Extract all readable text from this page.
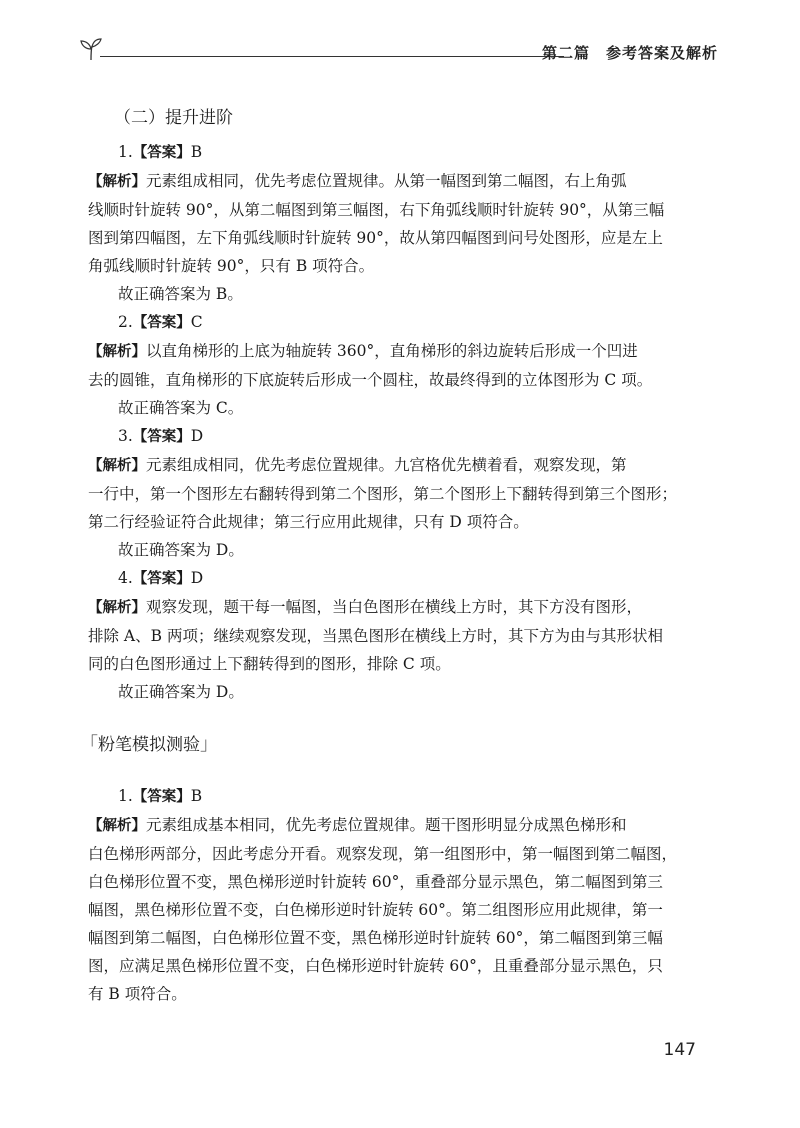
第二篇　参考答案及解析
（二）提升进阶

1.【答案】B

【解析】元素组成相同，优先考虑位置规律。从第一幅图到第二幅图，右上角弧

线顺时针旋转 90°，从第二幅图到第三幅图，右下角弧线顺时针旋转 90°，从第三幅

图到第四幅图，左下角弧线顺时针旋转 90°，故从第四幅图到问号处图形，应是左上

角弧线顺时针旋转 90°，只有 B 项符合。

故正确答案为 B。

2.【答案】C

【解析】以直角梯形的上底为轴旋转 360°，直角梯形的斜边旋转后形成一个凹进

去的圆锥，直角梯形的下底旋转后形成一个圆柱，故最终得到的立体图形为 C 项。

故正确答案为 C。

3.【答案】D

【解析】元素组成相同，优先考虑位置规律。九宫格优先横着看，观察发现，第

一行中，第一个图形左右翻转得到第二个图形，第二个图形上下翻转得到第三个图形；

第二行经验证符合此规律；第三行应用此规律，只有 D 项符合。

故正确答案为 D。

4.【答案】D

【解析】观察发现，题干每一幅图，当白色图形在横线上方时，其下方没有图形，

排除 A、B 两项；继续观察发现，当黑色图形在横线上方时，其下方为由与其形状相

同的白色图形通过上下翻转得到的图形，排除 C 项。

故正确答案为 D。

「 粉笔模拟测验 」

1.【答案】B

【解析】元素组成基本相同，优先考虑位置规律。题干图形明显分成黑色梯形和

白色梯形两部分，因此考虑分开看。观察发现，第一组图形中，第一幅图到第二幅图，

白色梯形位置不变，黑色梯形逆时针旋转 60°，重叠部分显示黑色，第二幅图到第三

幅图，黑色梯形位置不变，白色梯形逆时针旋转 60°。第二组图形应用此规律，第一

幅图到第二幅图，白色梯形位置不变，黑色梯形逆时针旋转 60°，第二幅图到第三幅

图，应满足黑色梯形位置不变，白色梯形逆时针旋转 60°，且重叠部分显示黑色，只

有 B 项符合。

147
